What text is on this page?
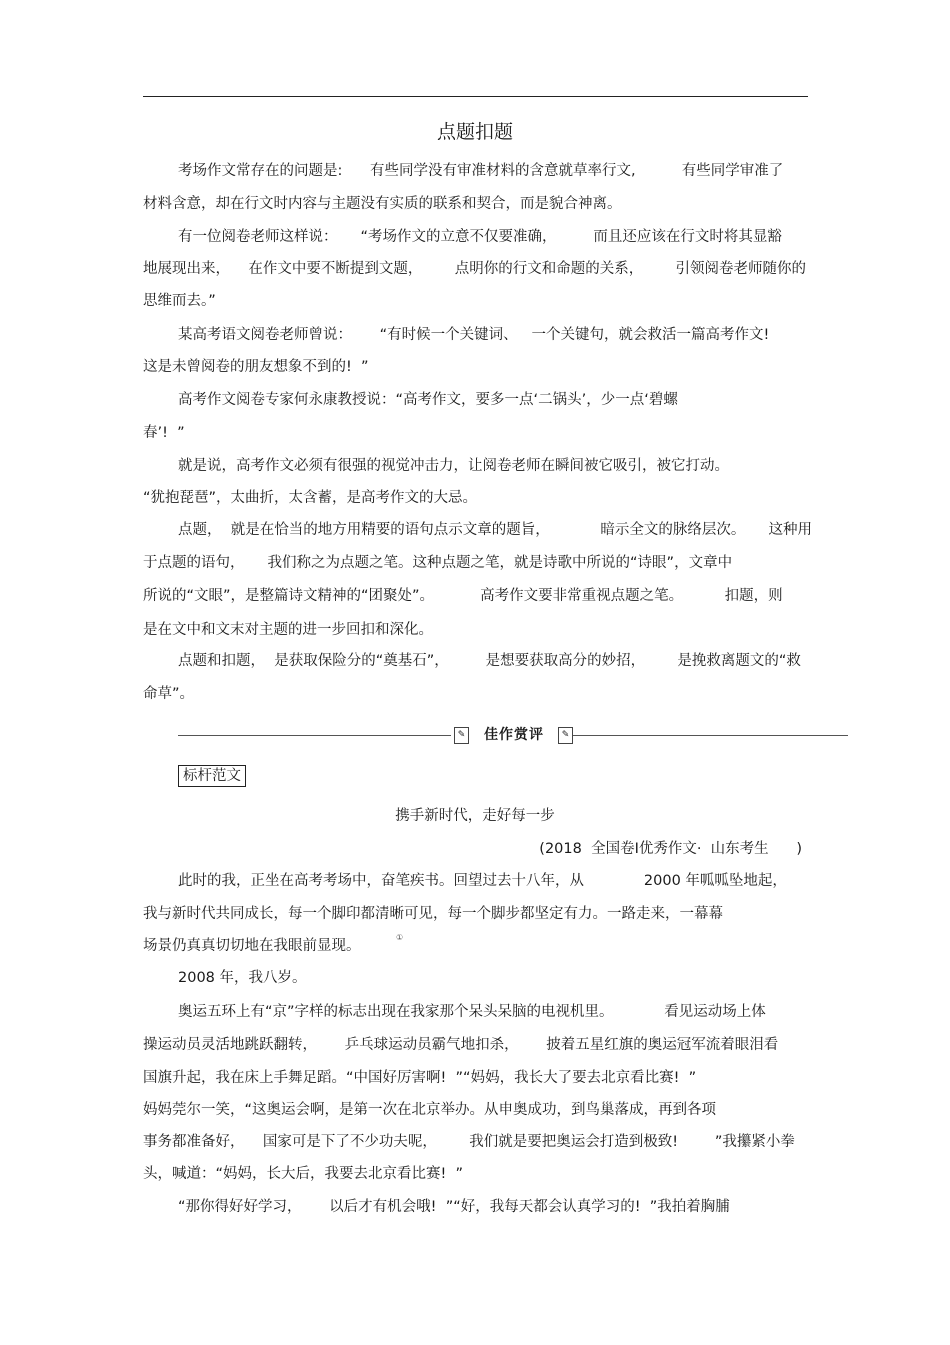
点题扣题
考场作文常存在的问题是:      有些同学没有审准材料的含意就草率行文,          有些同学审准了
材料含意，却在行文时内容与主题没有实质的联系和契合，而是貌合神离。
有一位阅卷老师这样说：     “考场作文的立意不仅要准确，        而且还应该在行文时将其显豁
地展现出来，    在作文中要不断提到文题，       点明你的行文和命题的关系，       引领阅卷老师随你的
思维而去。”
某高考语文阅卷老师曾说：      “有时候一个关键词、   一个关键句，就会救活一篇高考作文!
这是未曾阅卷的朋友想象不到的!  ”
高考作文阅卷专家何永康教授说：“高考作文，要多一点‘二锅头’，少一点‘碧螺
春’!  ”
就是说，高考作文必须有很强的视觉冲击力，让阅卷老师在瞬间被它吸引，被它打动。
“犹抱琵琶”，太曲折，太含蓄，是高考作文的大忌。
点题，  就是在恰当的地方用精要的语句点示文章的题旨，           暗示全文的脉络层次。     这种用
于点题的语句，     我们称之为点题之笔。这种点题之笔，就是诗歌中所说的“诗眼”，文章中
所说的“文眼”，是整篇诗文精神的“团聚处”。          高考作文要非常重视点题之笔。         扣题，则
是在文中和文末对主题的进一步回扣和深化。
点题和扣题，  是获取保险分的“奠基石”，        是想要获取高分的妙招，       是挽救离题文的“救
命草”。
✎	佳作赏评	✎
标杆范文
携手新时代，走好每一步
(2018  全国卷Ⅰ优秀作文·  山东考生      )
此时的我，正坐在高考考场中，奋笔疾书。回望过去十八年，从             2000 年呱呱坠地起，
我与新时代共同成长，每一个脚印都清晰可见，每一个脚步都坚定有力。一路走来，一幕幕
场景仍真真切切地在我眼前显现。
①
2008 年，我八岁。
奥运五环上有“京”字样的标志出现在我家那个呆头呆脑的电视机里。           看见运动场上体
操运动员灵活地跳跃翻转，      乒乓球运动员霸气地扣杀，      披着五星红旗的奥运冠军流着眼泪看
国旗升起，我在床上手舞足蹈。“中国好厉害啊!  ”“妈妈，我长大了要去北京看比赛!  ”
妈妈莞尔一笑，“这奥运会啊，是第一次在北京举办。从申奥成功，到鸟巢落成，再到各项
事务都准备好，    国家可是下了不少功夫呢，       我们就是要把奥运会打造到极致!        ”我攥紧小拳
头，喊道：“妈妈，长大后，我要去北京看比赛!  ”
“那你得好好学习，      以后才有机会哦!  ”“好，我每天都会认真学习的!  ”我拍着胸脯
